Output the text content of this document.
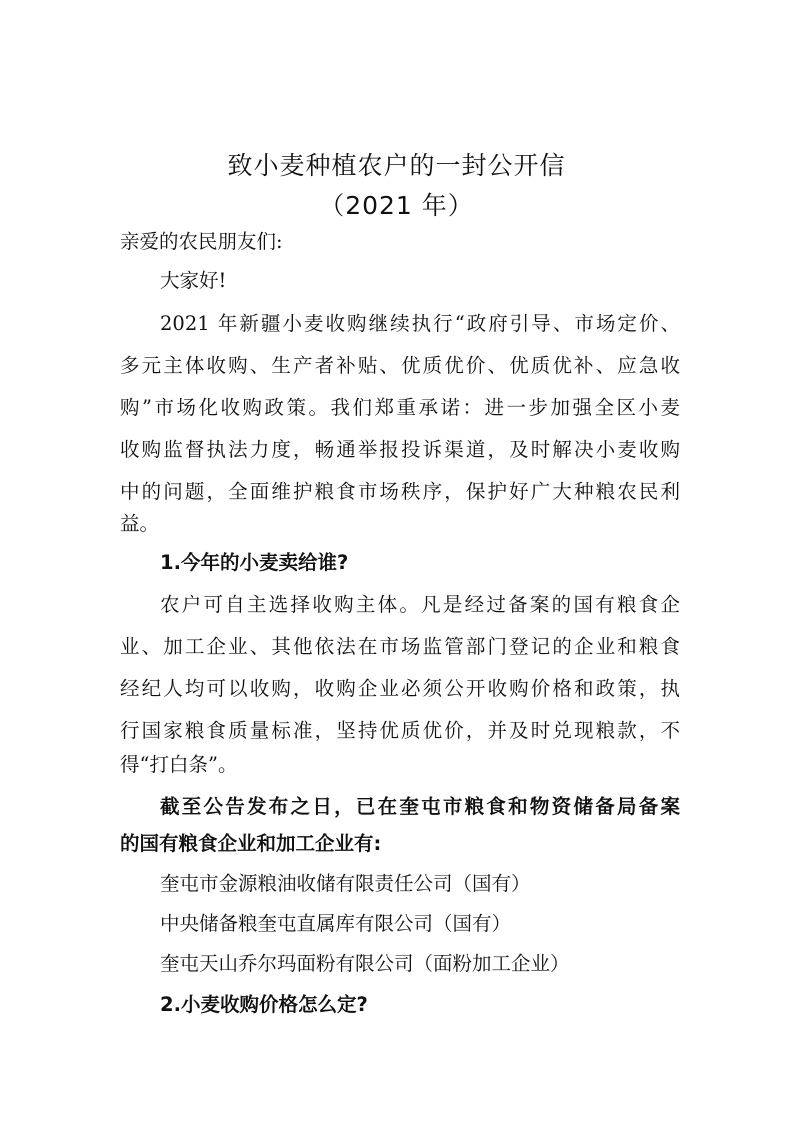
致小麦种植农户的一封公开信
（2021 年）
亲爱的农民朋友们:
大家好!
2021 年新疆小麦收购继续执行“政府引导、市场定价、
多元主体收购、生产者补贴、优质优价、优质优补、应急收
购”市场化收购政策。我们郑重承诺：进一步加强全区小麦
收购监督执法力度，畅通举报投诉渠道，及时解决小麦收购
中的问题，全面维护粮食市场秩序，保护好广大种粮农民利
益。
1.今年的小麦卖给谁?
农户可自主选择收购主体。凡是经过备案的国有粮食企
业、加工企业、其他依法在市场监管部门登记的企业和粮食
经纪人均可以收购，收购企业必须公开收购价格和政策，执
行国家粮食质量标准，坚持优质优价，并及时兑现粮款，不
得“打白条”。
截至公告发布之日，已在奎屯市粮食和物资储备局备案
的国有粮食企业和加工企业有:
奎屯市金源粮油收储有限责任公司（国有）
中央储备粮奎屯直属库有限公司（国有）
奎屯天山乔尔玛面粉有限公司（面粉加工企业）
2.小麦收购价格怎么定?
